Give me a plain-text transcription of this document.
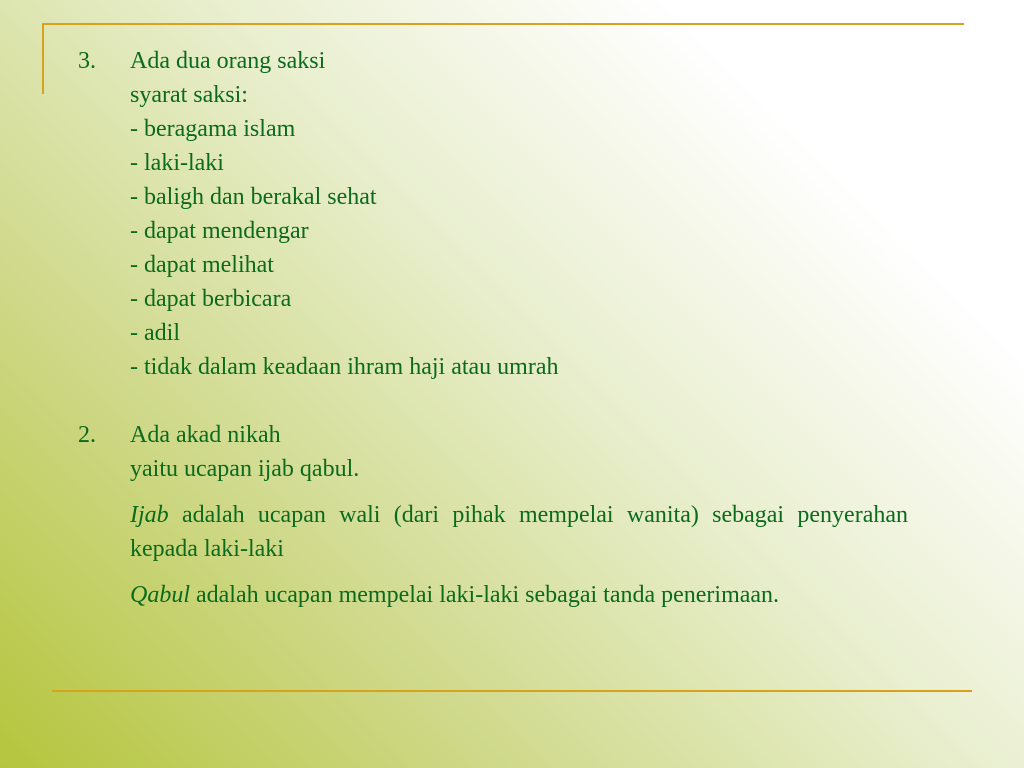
3. Ada dua orang saksi
syarat saksi:
- beragama islam
- laki-laki
- baligh dan berakal sehat
- dapat mendengar
- dapat melihat
- dapat berbicara
- adil
- tidak dalam keadaan ihram haji atau umrah
2. Ada akad nikah
yaitu ucapan ijab qabul.
Ijab adalah ucapan wali (dari pihak mempelai wanita) sebagai penyerahan kepada laki-laki
Qabul adalah ucapan mempelai laki-laki sebagai tanda penerimaan.
